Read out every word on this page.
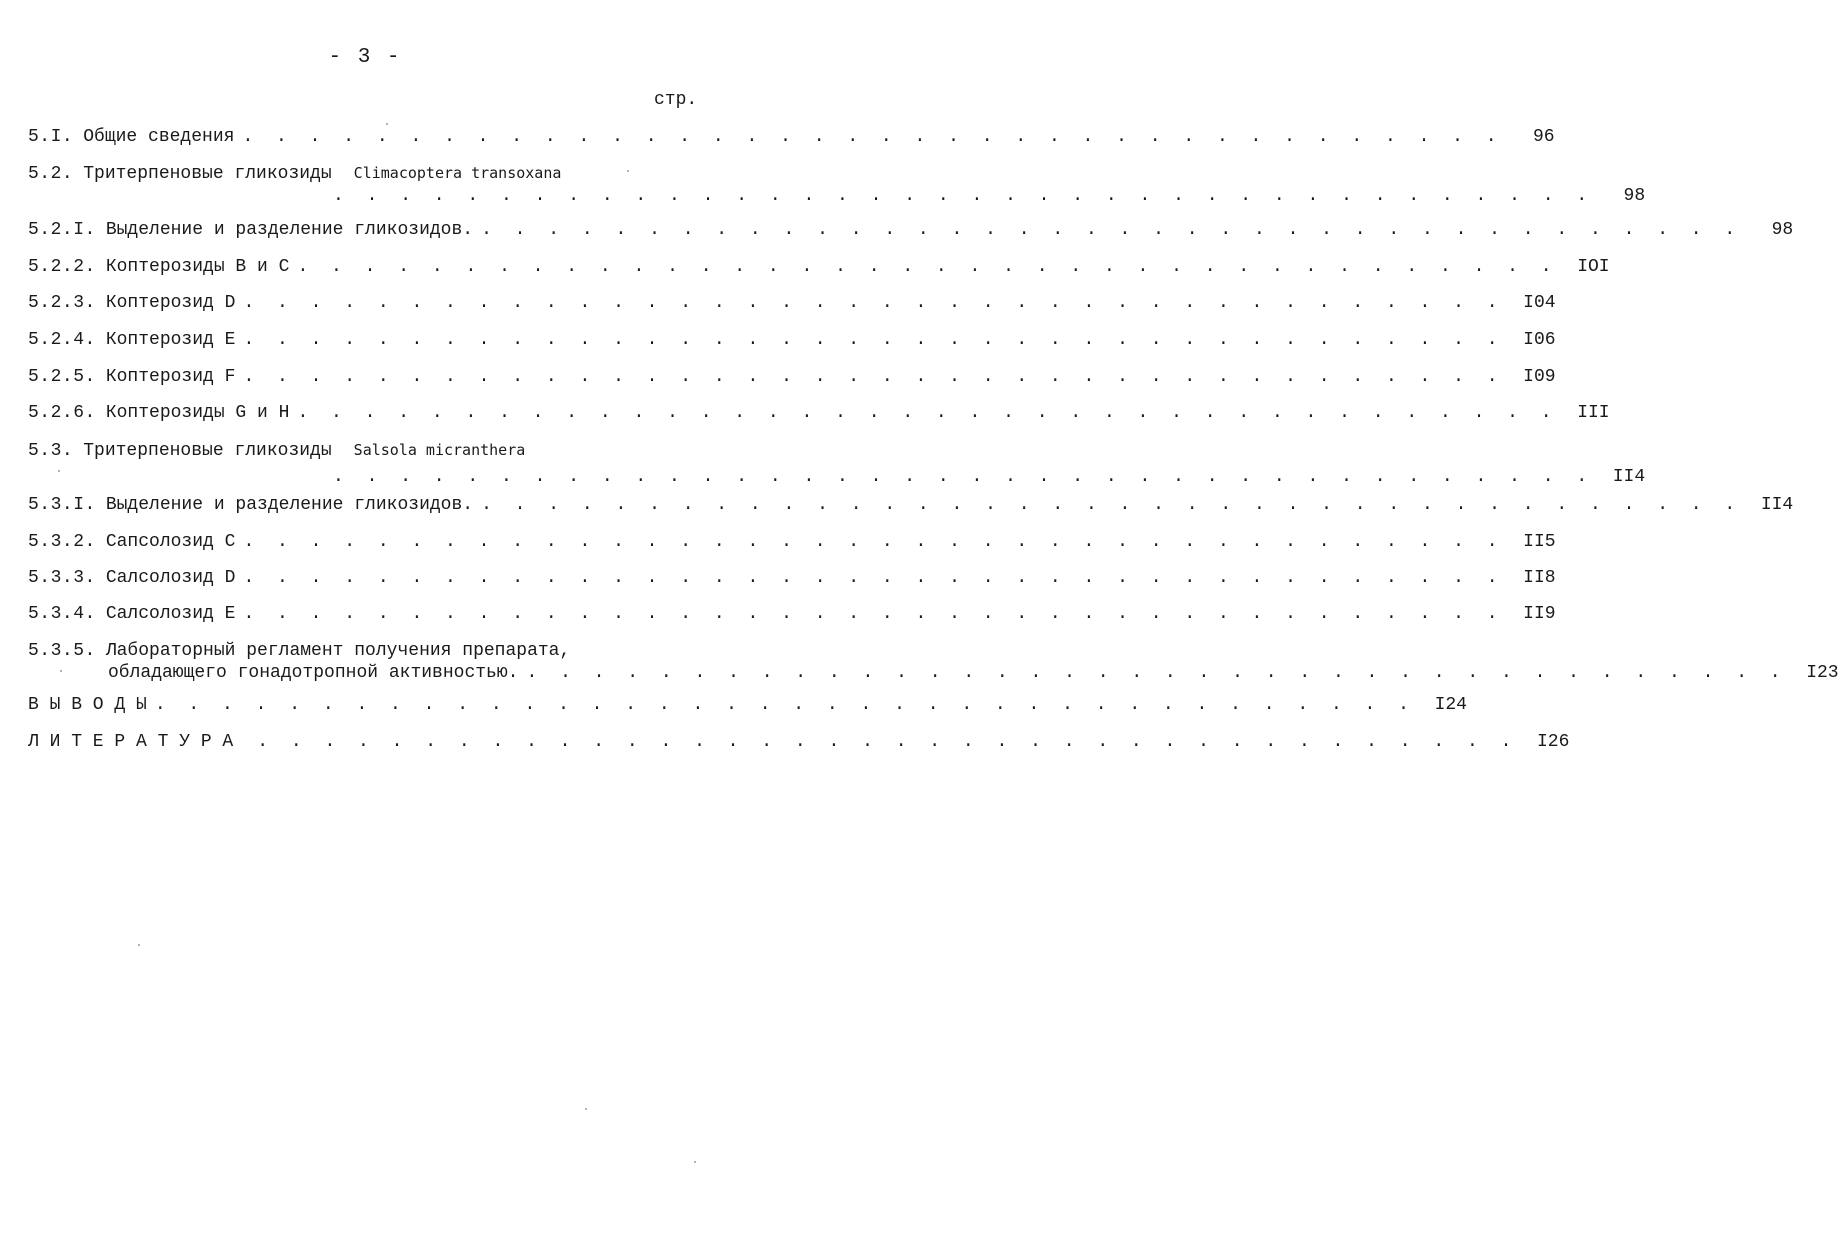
- 3 -
стр.
5.I. Общие сведения . . . . . . . . . . . . . . . . . . . . . . . . . . . . . . . . . . . . . .	96
5.2. Тритерпеновые гликозиды Climacoptera transoxana
. . . . . . . . . . . . . . . . . . . . . . . . . . . . . . . . . . . . . .	98
5.2.I. Выделение и разделение гликозидов. . . . . . . . . . . . . . . . . . . . . . . . . . . . . . . . . . . . . . .	98
5.2.2. Коптерозиды В и С . . . . . . . . . . . . . . . . . . . . . . . . . . . . . . . . . . . . . .	IOI
5.2.3. Коптерозид D . . . . . . . . . . . . . . . . . . . . . . . . . . . . . . . . . . . . . .	I04
5.2.4. Коптерозид Е . . . . . . . . . . . . . . . . . . . . . . . . . . . . . . . . . . . . . .	I06
5.2.5. Коптерозид F . . . . . . . . . . . . . . . . . . . . . . . . . . . . . . . . . . . . . .	I09
5.2.6. Коптерозиды G и Н . . . . . . . . . . . . . . . . . . . . . . . . . . . . . . . . . . . . . .	III
5.3. Тритерпеновые гликозиды Salsola micranthera
. . . . . . . . . . . . . . . . . . . . . . . . . . . . . . . . . . . . . .	II4
5.3.I. Выделение и разделение гликозидов. . . . . . . . . . . . . . . . . . . . . . . . . . . . . . . . . . . . . . .	II4
5.3.2. Сапсолозид С . . . . . . . . . . . . . . . . . . . . . . . . . . . . . . . . . . . . . .	II5
5.3.3. Салсолозид D . . . . . . . . . . . . . . . . . . . . . . . . . . . . . . . . . . . . . .	II8
5.3.4. Салсолозид Е . . . . . . . . . . . . . . . . . . . . . . . . . . . . . . . . . . . . . .	II9
5.3.5. Лабораторный регламент получения препарата,
обладающего гонадотропной активностью. . . . . . . . . . . . . . . . . . . . . . . . . . . . . . . . . . . . . . .	I23
В Ы В О Д Ы . . . . . . . . . . . . . . . . . . . . . . . . . . . . . . . . . . . . . .	I24
Л И Т Е Р А Т У Р А . . . . . . . . . . . . . . . . . . . . . . . . . . . . . . . . . . . . . .	I26
